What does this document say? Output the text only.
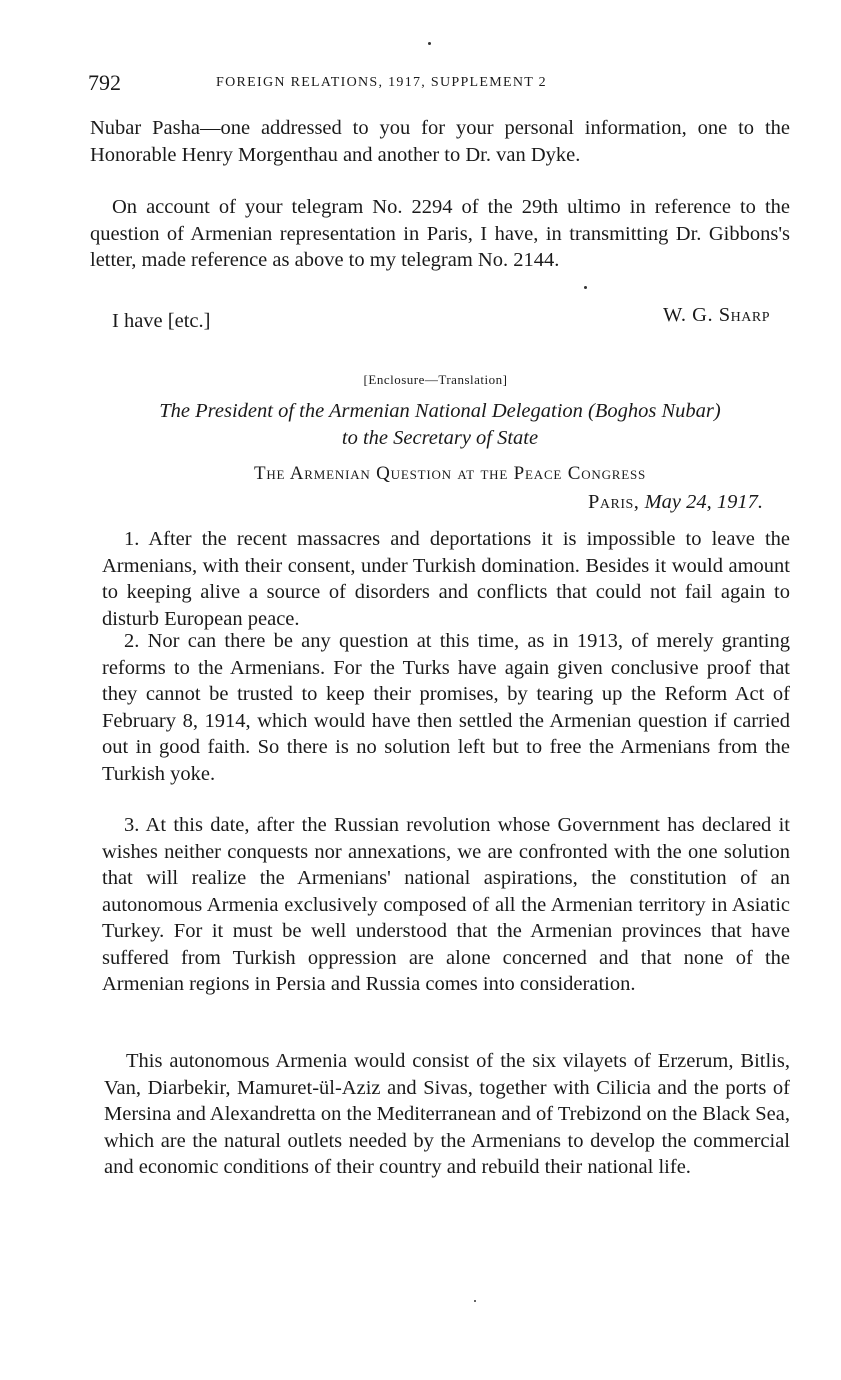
792	FOREIGN RELATIONS, 1917, SUPPLEMENT 2
Nubar Pasha—one addressed to you for your personal information, one to the Honorable Henry Morgenthau and another to Dr. van Dyke.
On account of your telegram No. 2294 of the 29th ultimo in reference to the question of Armenian representation in Paris, I have, in transmitting Dr. Gibbons's letter, made reference as above to my telegram No. 2144.
I have [etc.]	W. G. Sharp
[Enclosure—Translation]
The President of the Armenian National Delegation (Boghos Nubar)
to the Secretary of State
The Armenian Question at the Peace Congress
Paris, May 24, 1917.
1. After the recent massacres and deportations it is impossible to leave the Armenians, with their consent, under Turkish domination. Besides it would amount to keeping alive a source of disorders and conflicts that could not fail again to disturb European peace.
2. Nor can there be any question at this time, as in 1913, of merely granting reforms to the Armenians. For the Turks have again given conclusive proof that they cannot be trusted to keep their promises, by tearing up the Reform Act of February 8, 1914, which would have then settled the Armenian question if carried out in good faith. So there is no solution left but to free the Armenians from the Turkish yoke.
3. At this date, after the Russian revolution whose Government has declared it wishes neither conquests nor annexations, we are confronted with the one solution that will realize the Armenians' national aspirations, the constitution of an autonomous Armenia exclusively composed of all the Armenian territory in Asiatic Turkey. For it must be well understood that the Armenian provinces that have suffered from Turkish oppression are alone concerned and that none of the Armenian regions in Persia and Russia comes into consideration.
This autonomous Armenia would consist of the six vilayets of Erzerum, Bitlis, Van, Diarbekir, Mamuret-ül-Aziz and Sivas, together with Cilicia and the ports of Mersina and Alexandretta on the Mediterranean and of Trebizond on the Black Sea, which are the natural outlets needed by the Armenians to develop the commercial and economic conditions of their country and rebuild their national life.
